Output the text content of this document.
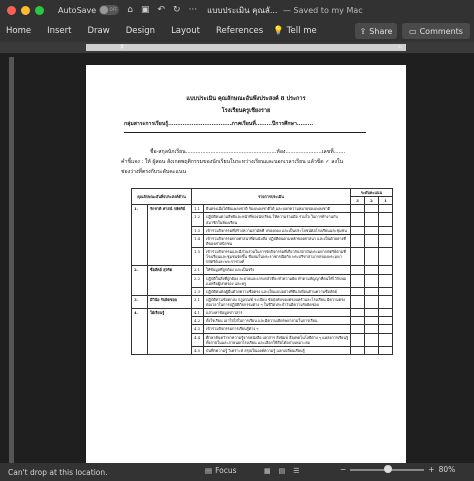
AutoSave	OFF ⌂ ▣ ↶ ↻ ··· แบบประเมิน คุณลั... — Saved to my Mac
Home	Insert	Draw	Design	Layout	References	💡 Tell me	⇪ Share ▭ Comments
⧗	▵
แบบประเมิน คุณลักษณะอันพึงประสงค์ 8 ประการ
โรงเรียนครูเชียงราย
กลุ่มสาระการเรียนรู้...................................ภาคเรียนที่.........ปีการศึกษา.........
ชื่อ-สกุลนักเรียน.......................................................ห้อง......................เลขที่.......
คำชี้แจง : ให้ ผู้สอน สังเกตพฤติกรรมของนักเรียนในระหว่างเรียนและนอกเวลาเรียน แล้วขีด ✓ ลงใน
ช่องว่างที่ตรงกับระดับคะแนน
คุณลักษณะอันพึงประสงค์ด้าน		รายการประเมิน		ระดับคะแนน		
				3	2	1
1.	รักชาติ ศาสน์ กษัตริย์	1.1	ยืนตรงเมื่อได้ยินเพลงชาติ ร้องเพลงชาติได้ และบอกความหมายของเพลงชาติ			
		1.2	ปฏิบัติตนตามสิทธิและหน้าที่ของนักเรียน ให้ความร่วมมือ ร่วมใจ ในการทำงานกับสมาชิกในห้องเรียน			
		1.3	เข้าร่วมกิจกรรมที่สร้างความสามัคคี ปรองดอง และเป็นประโยชน์ต่อโรงเรียนและชุมชน			
		1.4	เข้าร่วมกิจกรรมทางศาสนาที่ตนนับถือ ปฏิบัติตนตามหลักของศาสนา และเป็นตัวอย่างที่ดีของศาสนิกชน			
		1.5	เข้าร่วมกิจกรรมและมีส่วนร่วมในการจัดกิจกรรมที่เกี่ยวกับสถาบันพระมหากษัตริย์ตามที่โรงเรียนและชุมชนจัดขึ้น ชื่นชมในพระราชกรณียกิจ พระปรีชาสามารถของพระมหากษัตริย์และพระราชวงศ์			
2.	ซื่อสัตย์ สุจริต	2.1	ให้ข้อมูลที่ถูกต้อง และเป็นจริง			
		2.2	ปฏิบัติในสิ่งที่ถูกต้อง ละอายและเกรงกลัวที่จะทำความผิด ทำตามสัญญาที่ตนให้ไว้กับพ่อแม่หรือผู้ปกครอง และครู			
		2.3	ปฏิบัติตนต่อผู้อื่นด้วยความซื่อตรง และเป็นแบบอย่างที่ดีแก่เพื่อนด้านความซื่อสัตย์			
3.	มีวินัย รับผิดชอบ	3.1	ปฏิบัติตามข้อตกลง กฎเกณฑ์ ระเบียบ ข้อบังคับของครอบครัวและโรงเรียน มีความตรงต่อเวลาในการปฏิบัติกิจกรรมต่าง ๆ ในชีวิตประจำวันมีความรับผิดชอบ			
4.	ใฝ่เรียนรู้	4.1	แสวงหาข้อมูลข่าวสาร			
		4.2	ตั้งใจเรียน เอาใจใส่ในการเรียน และมีความเพียรพยายามในการเรียน			
		4.3	เข้าร่วมกิจกรรมการเรียนรู้ต่าง ๆ			
		4.4	ศึกษาค้นคว้าหาความรู้จากหนังสือ เอกสาร สิ่งพิมพ์ สื่อเทคโนโลยีต่าง ๆ แหล่งการเรียนรู้ทั้งภายในและภายนอกโรงเรียน และเลือกใช้สื่อได้อย่างเหมาะสม			
		4.5	บันทึกความรู้ วิเคราะห์ สรุปเป็นองค์ความรู้ แลกเปลี่ยนเรียนรู้			
Can't drop at this location.	▤ Focus	▦ ▤ ☰	−	+ 80%
